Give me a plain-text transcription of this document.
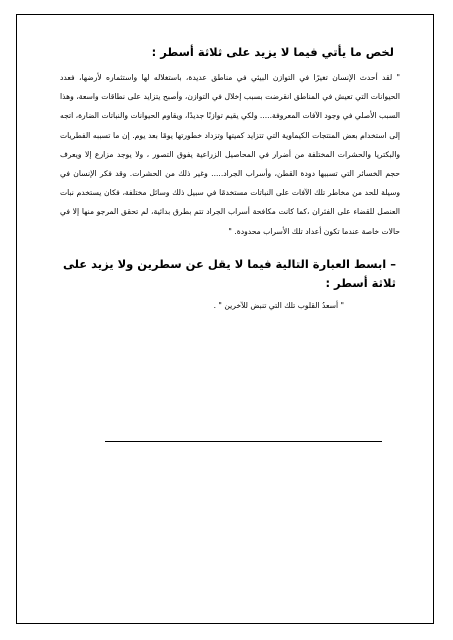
لخص ما يأتي فيما لا يزيد على ثلاثة أسطر :

" لقد أحدث الإنسان تغيرًا في التوازن البيئي في مناطق عديدة، باستغلاله لها واستثماره لأرضها، فعدد الحيوانات التي تعيش في المناطق انقرضت بسبب إخلال في التوازن، وأصبح يتزايد على نطاقات واسعة، وهذا السبب الأصلي في وجود الآفات المعروفة..... ولكي يقيم توازنًا جديدًا، ويقاوم الحيوانات والنباتات الضارة، اتجه إلى استخدام بعض المنتجات الكيماوية التي تتزايد كميتها وتزداد خطورتها يومًا بعد يوم. إن ما تسببه الفطريات والبكتريا والحشرات المختلفة من أضرار في المحاصيل الزراعية يفوق التصور ، ولا يوجد مزارع إلا ويعرف حجم الخسائر التي تسببها دودة القطن، وأسراب الجراد..... وغير ذلك من الحشرات. وقد فكر الإنسان في وسيلة للحد من مخاطر تلك الآفات على النباتات مستخدمًا في سبيل ذلك وسائل مختلفة، فكان يستخدم نبات العنصل للقضاء على الفئران ،كما كانت مكافحة أسراب الجراد تتم بطرق بدائية، لم تحقق المرجو منها إلا في حالات خاصة عندما تكون أعداد تلك الأسراب محدودة. "

– ابسط العبارة التالية فيما لا يقل عن سطرين ولا يزيد على ثلاثة أسطر :

" أسعدُ القلوب تلك التي تنبض للآخرين " .
